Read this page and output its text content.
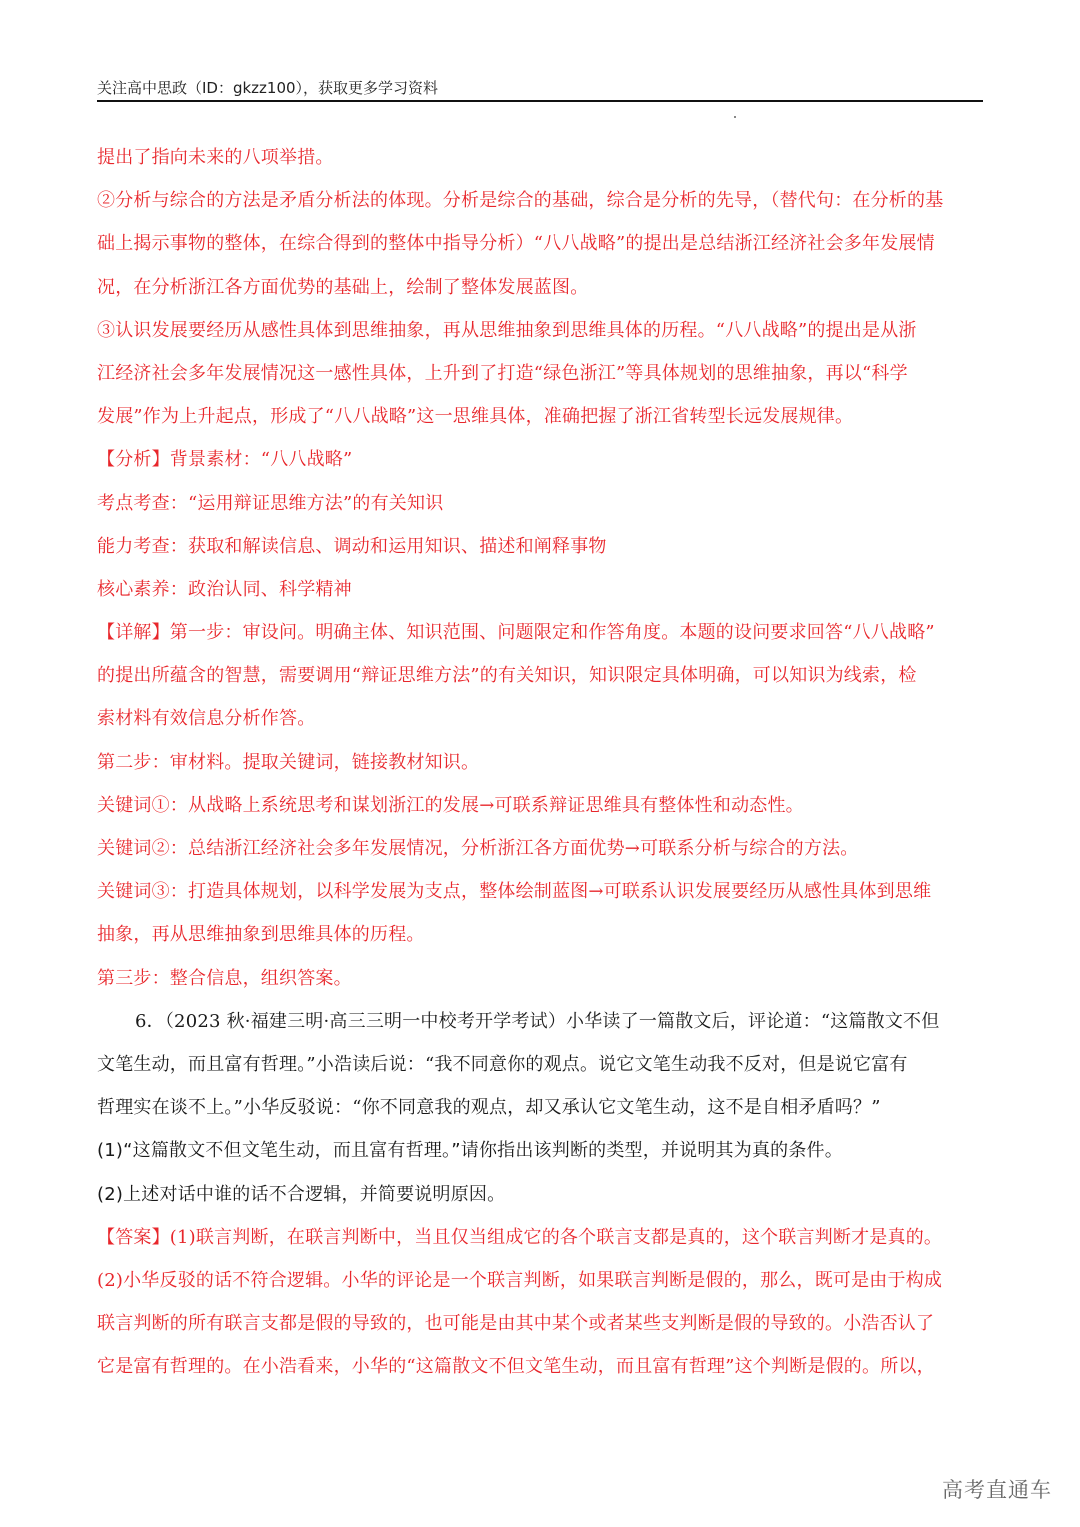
关注高中思政（ID：gkzz100），获取更多学习资料
提出了指向未来的八项举措。
②分析与综合的方法是矛盾分析法的体现。分析是综合的基础，综合是分析的先导，（替代句：在分析的基
础上揭示事物的整体，在综合得到的整体中指导分析）“八八战略”的提出是总结浙江经济社会多年发展情
况，在分析浙江各方面优势的基础上，绘制了整体发展蓝图。
③认识发展要经历从感性具体到思维抽象，再从思维抽象到思维具体的历程。“八八战略”的提出是从浙
江经济社会多年发展情况这一感性具体，上升到了打造“绿色浙江”等具体规划的思维抽象，再以“科学
发展”作为上升起点，形成了“八八战略”这一思维具体，准确把握了浙江省转型长远发展规律。
【分析】背景素材：“八八战略”
考点考查：“运用辩证思维方法”的有关知识
能力考查：获取和解读信息、调动和运用知识、描述和阐释事物
核心素养：政治认同、科学精神
【详解】第一步：审设问。明确主体、知识范围、问题限定和作答角度。本题的设问要求回答“八八战略”
的提出所蕴含的智慧，需要调用“辩证思维方法”的有关知识，知识限定具体明确，可以知识为线索，检
索材料有效信息分析作答。
第二步：审材料。提取关键词，链接教材知识。
关键词①：从战略上系统思考和谋划浙江的发展→可联系辩证思维具有整体性和动态性。
关键词②：总结浙江经济社会多年发展情况，分析浙江各方面优势→可联系分析与综合的方法。
关键词③：打造具体规划，以科学发展为支点，整体绘制蓝图→可联系认识发展要经历从感性具体到思维
抽象，再从思维抽象到思维具体的历程。
第三步：整合信息，组织答案。
6．（2023 秋·福建三明·高三三明一中校考开学考试）小华读了一篇散文后，评论道：“这篇散文不但
文笔生动，而且富有哲理。”小浩读后说：“我不同意你的观点。说它文笔生动我不反对，但是说它富有
哲理实在谈不上。”小华反驳说：“你不同意我的观点，却又承认它文笔生动，这不是自相矛盾吗？”
(1)“这篇散文不但文笔生动，而且富有哲理。”请你指出该判断的类型，并说明其为真的条件。
(2)上述对话中谁的话不合逻辑，并简要说明原因。
【答案】(1)联言判断，在联言判断中，当且仅当组成它的各个联言支都是真的，这个联言判断才是真的。
(2)小华反驳的话不符合逻辑。小华的评论是一个联言判断，如果联言判断是假的，那么，既可是由于构成
联言判断的所有联言支都是假的导致的，也可能是由其中某个或者某些支判断是假的导致的。小浩否认了
它是富有哲理的。在小浩看来，小华的“这篇散文不但文笔生动，而且富有哲理”这个判断是假的。所以，
高考直通车
